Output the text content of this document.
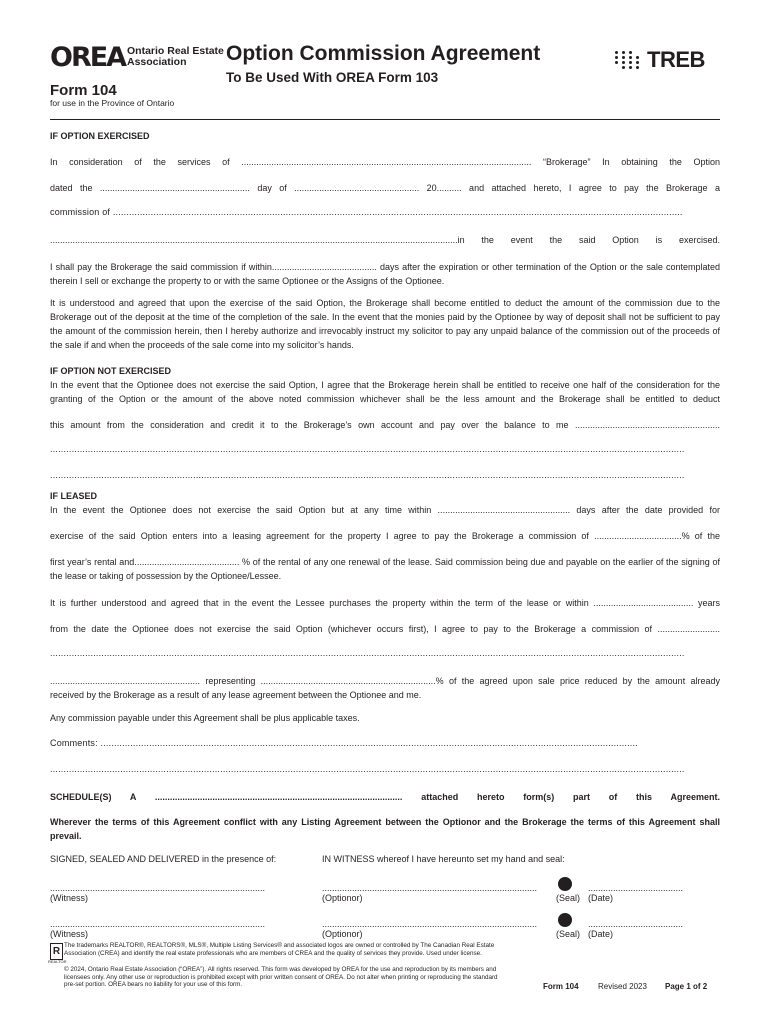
OREA Ontario Real Estate
Association
Form 104
for use in the Province of Ontario
Option Commission Agreement
To Be Used With OREA Form 103
TREB
IF OPTION EXERCISED
In consideration of the services of .................................................................................................................... “Brokerage” In obtaining the Option
dated the ............................................................ day of .................................................. 20.......... and attached hereto, I agree to pay the Brokerage a
commission of ...................................................................................................................................................................................................................
...................................................................................................................................................................in the event the said Option is exercised.
I shall pay the Brokerage the said commission if within.......................................... days after the expiration or other termination of the Option or the sale contemplated therein I sell or exchange the property to or with the same Optionee or the Assigns of the Optionee.
It is understood and agreed that upon the exercise of the said Option, the Brokerage shall become entitled to deduct the amount of the commission due to the Brokerage out of the deposit at the time of the completion of the sale. In the event that the monies paid by the Optionee by way of deposit shall not be sufficient to pay the amount of the commission herein, then I hereby authorize and irrevocably instruct my solicitor to pay any unpaid balance of the commission out of the proceeds of the sale if and when the proceeds of the sale come into my solicitor’s hands.
IF OPTION NOT EXERCISED
In the event that the Optionee does not exercise the said Option, I agree that the Brokerage herein shall be entitled to receive one half of the consideration for the granting of the Option or the amount of the above noted commission whichever shall be the less amount and the Brokerage shall be entitled to deduct
this amount from the consideration and credit it to the Brokerage’s own account and pay over the balance to me ..........................................................
...........................................................................................................................................................................................................................................
...........................................................................................................................................................................................................................................
IF LEASED
In the event the Optionee does not exercise the said Option but at any time within ..................................................... days after the date provided for
exercise of the said Option enters into a leasing agreement for the property I agree to pay the Brokerage a commission of ...................................% of the
first year’s rental and.......................................... % of the rental of any one renewal of the lease. Said commission being due and payable on the earlier of the signing of the lease or taking of possession by the Optionee/Lessee.
It is further understood and agreed that in the event the Lessee purchases the property within the term of the lease or within ........................................ years
from the date the Optionee does not exercise the said Option (whichever occurs first), I agree to pay to the Brokerage a commission of .........................
...........................................................................................................................................................................................................................................
............................................................ representing ......................................................................% of the agreed upon sale price reduced by the amount already received by the Brokerage as a result of any lease agreement between the Optionee and me.
Any commission payable under this Agreement shall be plus applicable taxes.
Comments: .......................................................................................................................................................................................................
...........................................................................................................................................................................................................................................
SCHEDULE(S) A ................................................................................................... attached hereto form(s) part of this Agreement.
Wherever the terms of this Agreement conflict with any Listing Agreement between the Optionor and the Brokerage the terms of this Agreement shall prevail.
SIGNED, SEALED AND DELIVERED in the presence of:	IN WITNESS whereof I have hereunto set my hand and seal:
......................................................................................
(Witness)
......................................................................................
(Optionor)	(Seal)
......................................
(Date)
......................................................................................
(Witness)
......................................................................................
(Optionor)	(Seal)
......................................
(Date)
R
REALTOR
The trademarks REALTOR®, REALTORS®, MLS®, Multiple Listing Services® and associated logos are owned or controlled by The Canadian Real Estate Association (CREA) and identify the real estate professionals who are members of CREA and the quality of services they provide. Used under license.
© 2024, Ontario Real Estate Association (“OREA”). All rights reserved. This form was developed by OREA for the use and reproduction by its members and licensees only. Any other use or reproduction is prohibited except with prior written consent of OREA. Do not alter when printing or reproducing the standard pre-set portion. OREA bears no liability for your use of this form.	Form 104 Revised 2023 Page 1 of 2
